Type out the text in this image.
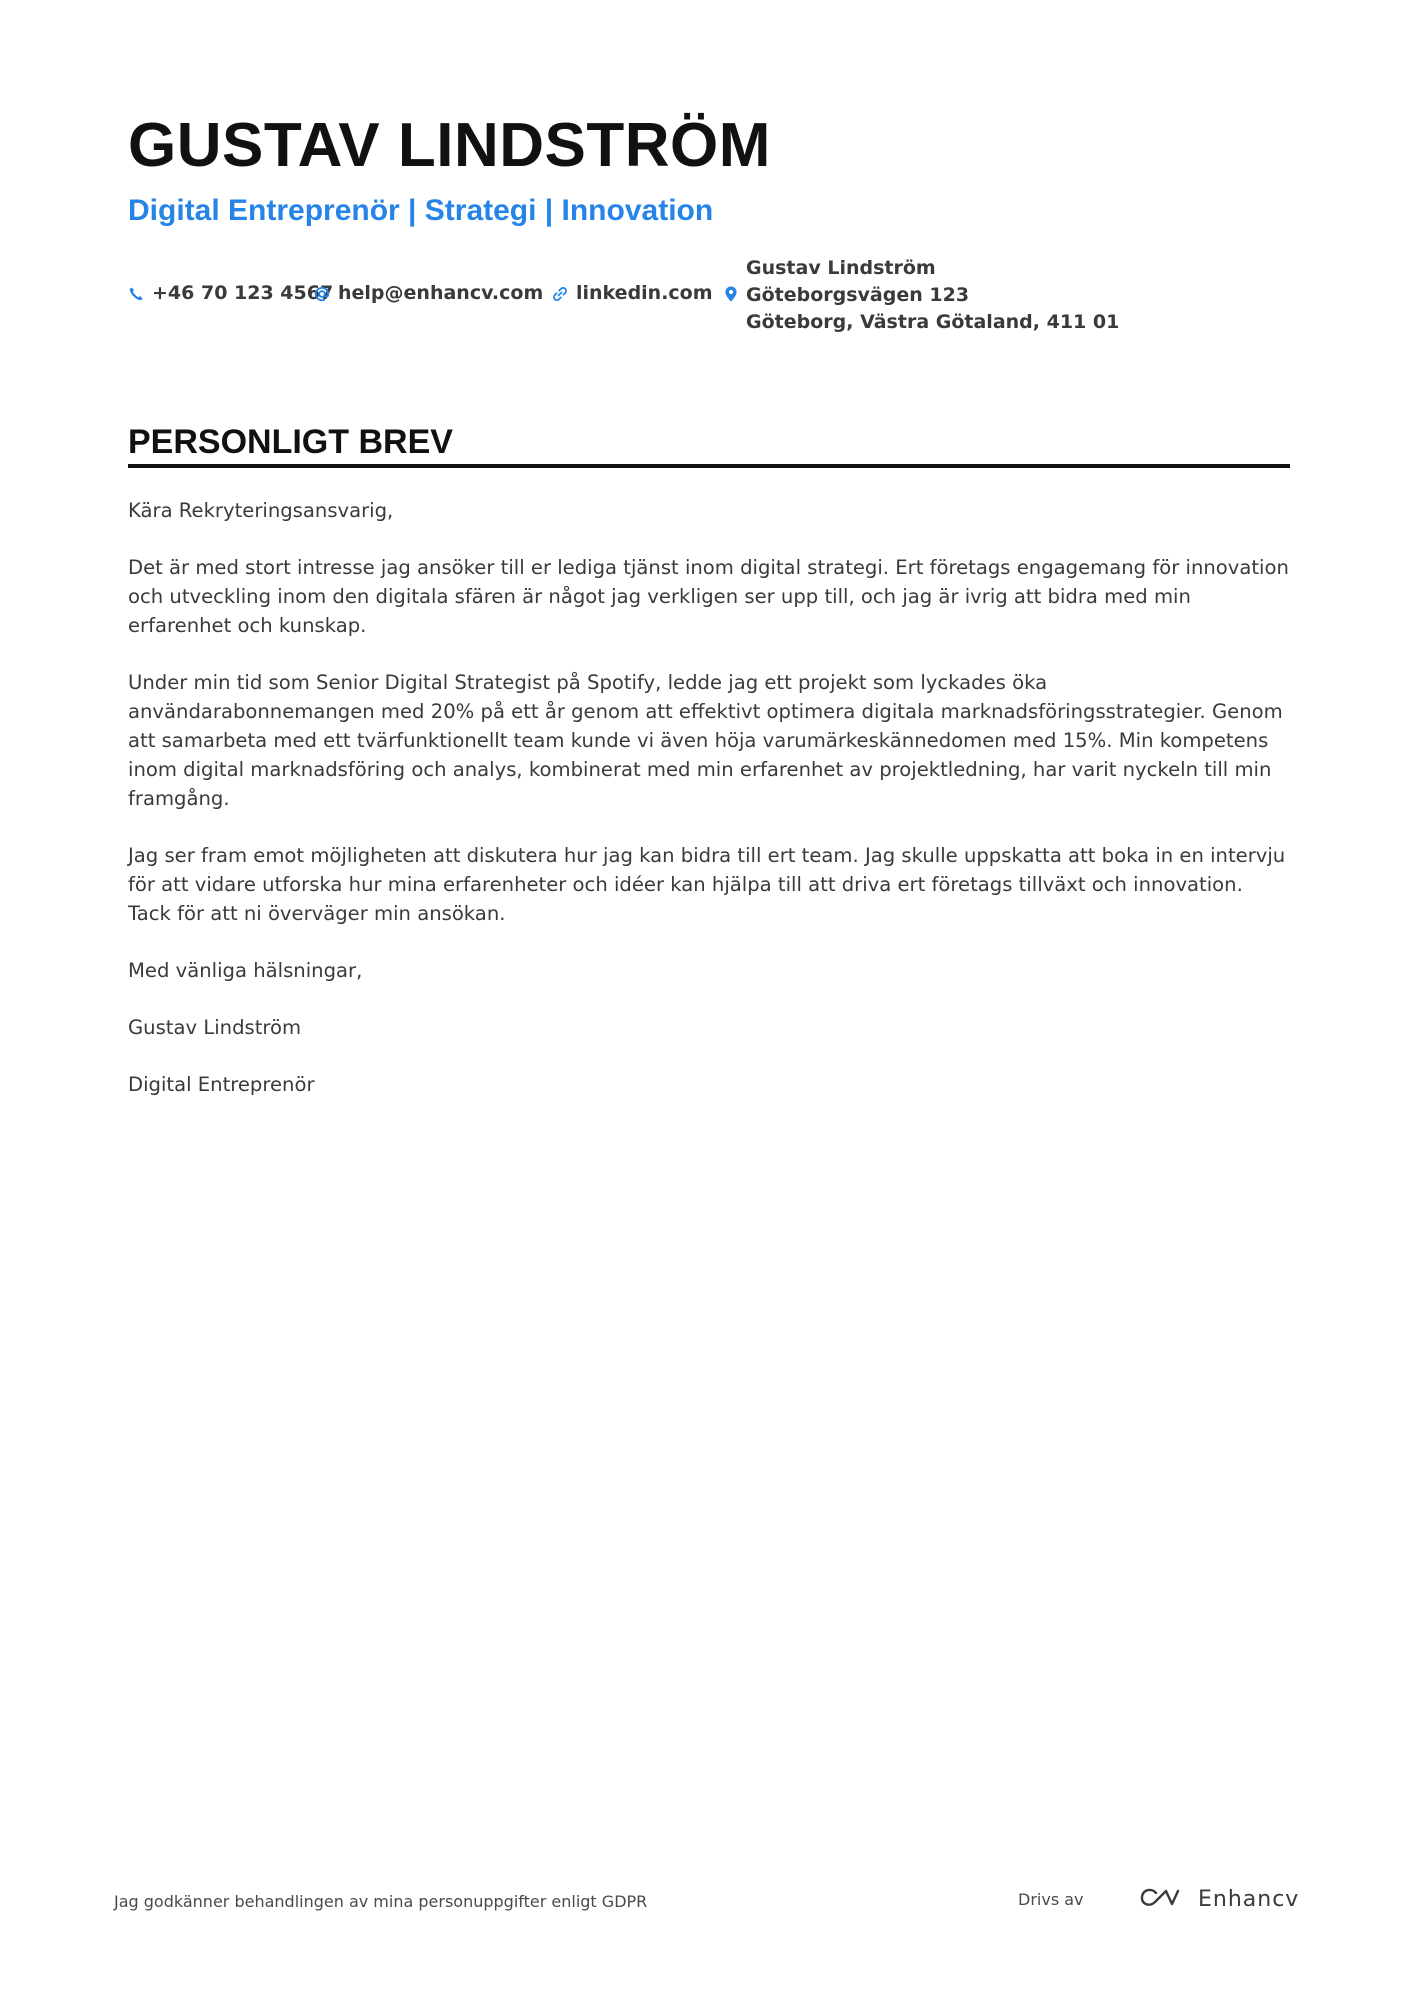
GUSTAV LINDSTRÖM
Digital Entreprenör | Strategi | Innovation
+46 70 123 4567 help@enhancv.com linkedin.com
Gustav Lindström
Göteborgsvägen 123
Göteborg, Västra Götaland, 411 01
PERSONLIGT BREV

Kära Rekryteringsansvarig,

Det är med stort intresse jag ansöker till er lediga tjänst inom digital strategi. Ert företags engagemang för innovation och utveckling inom den digitala sfären är något jag verkligen ser upp till, och jag är ivrig att bidra med min erfarenhet och kunskap.

Under min tid som Senior Digital Strategist på Spotify, ledde jag ett projekt som lyckades öka användarabonnemangen med 20% på ett år genom att effektivt optimera digitala marknadsföringsstrategier. Genom att samarbeta med ett tvärfunktionellt team kunde vi även höja varumärkeskännedomen med 15%. Min kompetens inom digital marknadsföring och analys, kombinerat med min erfarenhet av projektledning, har varit nyckeln till min framgång.

Jag ser fram emot möjligheten att diskutera hur jag kan bidra till ert team. Jag skulle uppskatta att boka in en intervju för att vidare utforska hur mina erfarenheter och idéer kan hjälpa till att driva ert företags tillväxt och innovation. Tack för att ni överväger min ansökan.

Med vänliga hälsningar,

Gustav Lindström

Digital Entreprenör

Jag godkänner behandlingen av mina personuppgifter enligt GDPR	Drivs av	Enhancv
